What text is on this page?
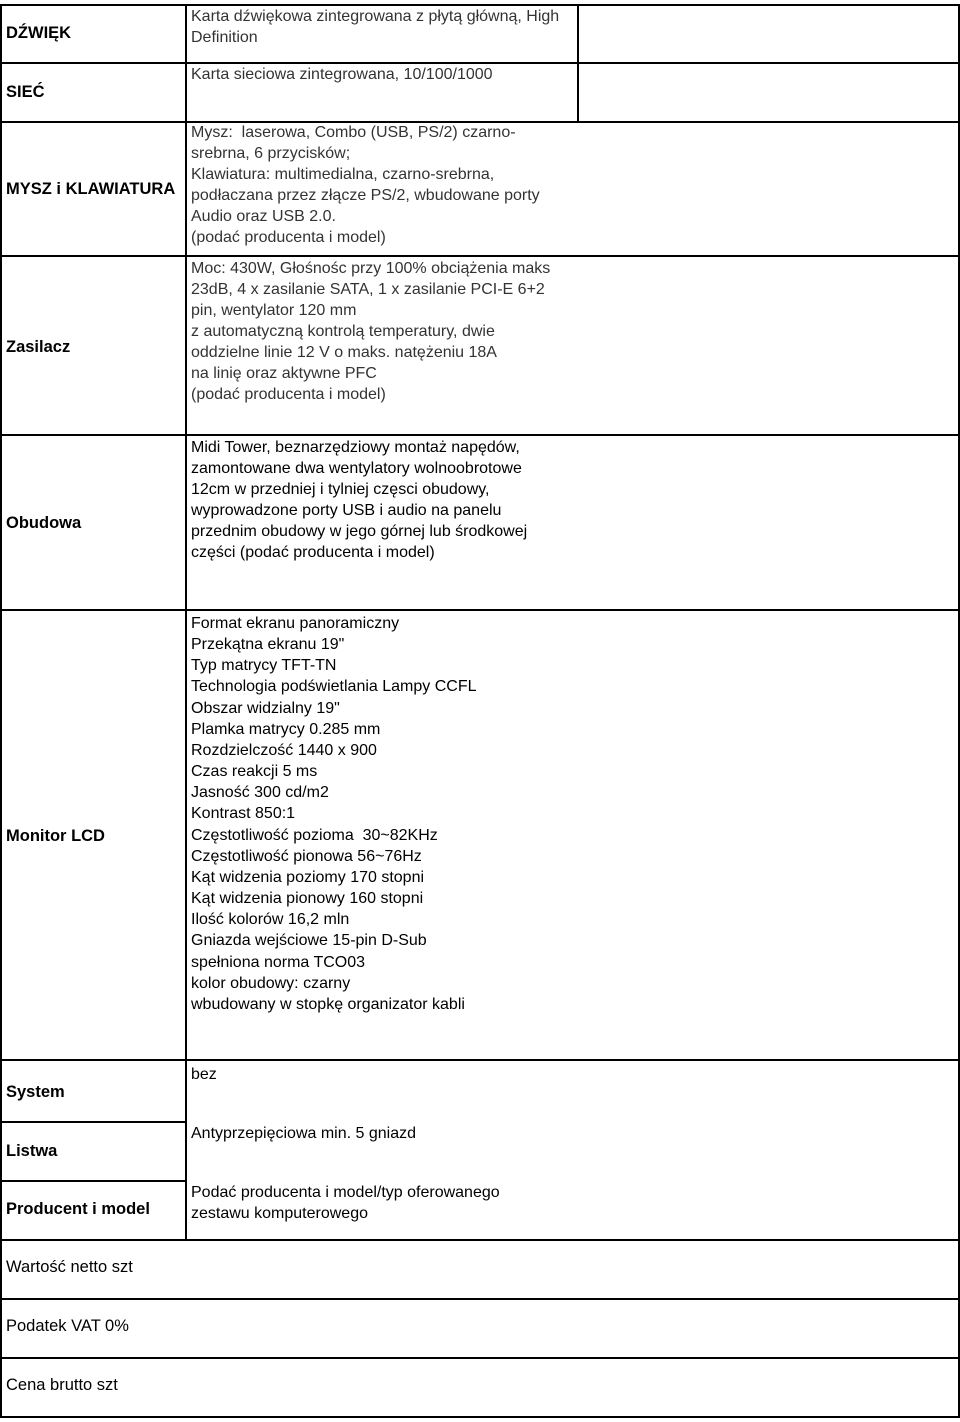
DŹWIĘK
SIEĆ
MYSZ i KLAWIATURA
Zasilacz
Obudowa
Monitor LCD
System
Listwa
Producent i model
Karta dźwiękowa zintegrowana z płytą główną, High
Definition
Karta sieciowa zintegrowana, 10/100/1000
Mysz:  laserowa, Combo (USB, PS/2) czarno-
srebrna, 6 przycisków;
Klawiatura: multimedialna, czarno-srebrna,
podłaczana przez złącze PS/2, wbudowane porty
Audio oraz USB 2.0.
(podać producenta i model)
Moc: 430W, Głośnośc przy 100% obciążenia maks
23dB, 4 x zasilanie SATA, 1 x zasilanie PCI-E 6+2
pin, wentylator 120 mm
z automatyczną kontrolą temperatury, dwie
oddzielne linie 12 V o maks. natężeniu 18A
na linię oraz aktywne PFC
(podać producenta i model)
Midi Tower, beznarzędziowy montaż napędów,
zamontowane dwa wentylatory wolnoobrotowe
12cm w przedniej i tylniej częsci obudowy,
wyprowadzone porty USB i audio na panelu
przednim obudowy w jego górnej lub środkowej
części (podać producenta i model)
Format ekranu panoramiczny
Przekątna ekranu 19"
Typ matrycy TFT-TN
Technologia podświetlania Lampy CCFL
Obszar widzialny 19"
Plamka matrycy 0.285 mm
Rozdzielczość 1440 x 900
Czas reakcji 5 ms
Jasność 300 cd/m2
Kontrast 850:1
Częstotliwość pozioma  30~82KHz
Częstotliwość pionowa 56~76Hz
Kąt widzenia poziomy 170 stopni
Kąt widzenia pionowy 160 stopni
Ilość kolorów 16,2 mln
Gniazda wejściowe 15-pin D-Sub
spełniona norma TCO03
kolor obudowy: czarny
wbudowany w stopkę organizator kabli
bez
Antyprzepięciowa min. 5 gniazd
Podać producenta i model/typ oferowanego
zestawu komputerowego
Wartość netto szt
Podatek VAT 0%
Cena brutto szt
